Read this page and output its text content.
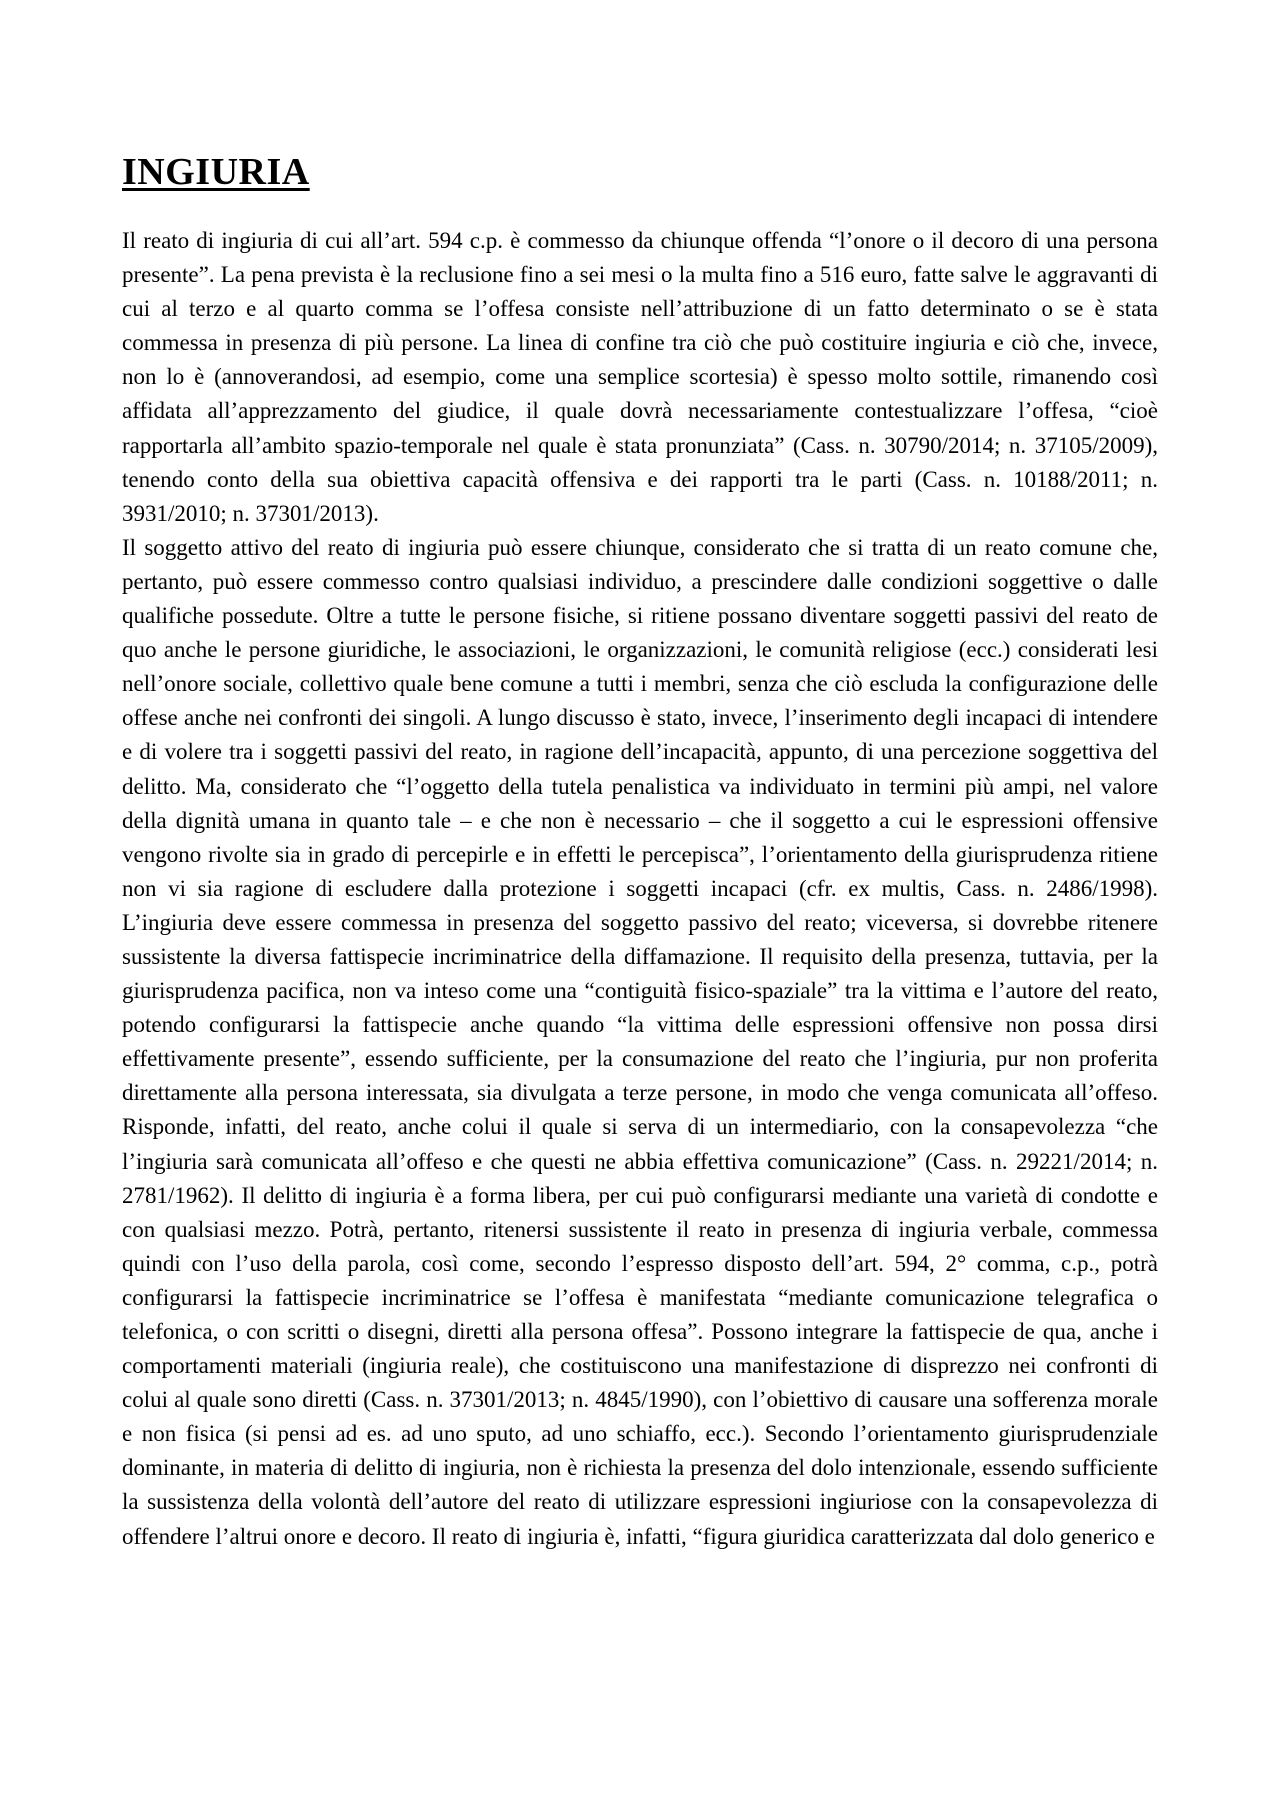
INGIURIA

Il reato di ingiuria di cui all’art. 594 c.p. è commesso da chiunque offenda “l’onore o il decoro di una persona presente”. La pena prevista è la reclusione fino a sei mesi o la multa fino a 516 euro, fatte salve le aggravanti di cui al terzo e al quarto comma se l’offesa consiste nell’attribuzione di un fatto determinato o se è stata commessa in presenza di più persone. La linea di confine tra ciò che può costituire ingiuria e ciò che, invece, non lo è (annoverandosi, ad esempio, come una semplice scortesia) è spesso molto sottile, rimanendo così affidata all’apprezzamento del giudice, il quale dovrà necessariamente contestualizzare l’offesa, “cioè rapportarla all’ambito spazio-temporale nel quale è stata pronunziata” (Cass. n. 30790/2014; n. 37105/2009), tenendo conto della sua obiettiva capacità offensiva e dei rapporti tra le parti (Cass. n. 10188/2011; n. 3931/2010; n. 37301/2013).

Il soggetto attivo del reato di ingiuria può essere chiunque, considerato che si tratta di un reato comune che, pertanto, può essere commesso contro qualsiasi individuo, a prescindere dalle condizioni soggettive o dalle qualifiche possedute. Oltre a tutte le persone fisiche, si ritiene possano diventare soggetti passivi del reato de quo anche le persone giuridiche, le associazioni, le organizzazioni, le comunità religiose (ecc.) considerati lesi nell’onore sociale, collettivo quale bene comune a tutti i membri, senza che ciò escluda la configurazione delle offese anche nei confronti dei singoli. A lungo discusso è stato, invece, l’inserimento degli incapaci di intendere e di volere tra i soggetti passivi del reato, in ragione dell’incapacità, appunto, di una percezione soggettiva del delitto. Ma, considerato che “l’oggetto della tutela penalistica va individuato in termini più ampi, nel valore della dignità umana in quanto tale – e che non è necessario – che il soggetto a cui le espressioni offensive vengono rivolte sia in grado di percepirle e in effetti le percepisca”, l’orientamento della giurisprudenza ritiene non vi sia ragione di escludere dalla protezione i soggetti incapaci (cfr. ex multis, Cass. n. 2486/1998). L’ingiuria deve essere commessa in presenza del soggetto passivo del reato; viceversa, si dovrebbe ritenere sussistente la diversa fattispecie incriminatrice della diffamazione. Il requisito della presenza, tuttavia, per la giurisprudenza pacifica, non va inteso come una “contiguità fisico-spaziale” tra la vittima e l’autore del reato, potendo configurarsi la fattispecie anche quando “la vittima delle espressioni offensive non possa dirsi effettivamente presente”, essendo sufficiente, per la consumazione del reato che l’ingiuria, pur non proferita direttamente alla persona interessata, sia divulgata a terze persone, in modo che venga comunicata all’offeso. Risponde, infatti, del reato, anche colui il quale si serva di un intermediario, con la consapevolezza “che l’ingiuria sarà comunicata all’offeso e che questi ne abbia effettiva comunicazione” (Cass. n. 29221/2014; n. 2781/1962). Il delitto di ingiuria è a forma libera, per cui può configurarsi mediante una varietà di condotte e con qualsiasi mezzo. Potrà, pertanto, ritenersi sussistente il reato in presenza di ingiuria verbale, commessa quindi con l’uso della parola, così come, secondo l’espresso disposto dell’art. 594, 2° comma, c.p., potrà configurarsi la fattispecie incriminatrice se l’offesa è manifestata “mediante comunicazione telegrafica o telefonica, o con scritti o disegni, diretti alla persona offesa”. Possono integrare la fattispecie de qua, anche i comportamenti materiali (ingiuria reale), che costituiscono una manifestazione di disprezzo nei confronti di colui al quale sono diretti (Cass. n. 37301/2013; n. 4845/1990), con l’obiettivo di causare una sofferenza morale e non fisica (si pensi ad es. ad uno sputo, ad uno schiaffo, ecc.). Secondo l’orientamento giurisprudenziale dominante, in materia di delitto di ingiuria, non è richiesta la presenza del dolo intenzionale, essendo sufficiente la sussistenza della volontà dell’autore del reato di utilizzare espressioni ingiuriose con la consapevolezza di offendere l’altrui onore e decoro. Il reato di ingiuria è, infatti, “figura giuridica caratterizzata dal dolo generico e
